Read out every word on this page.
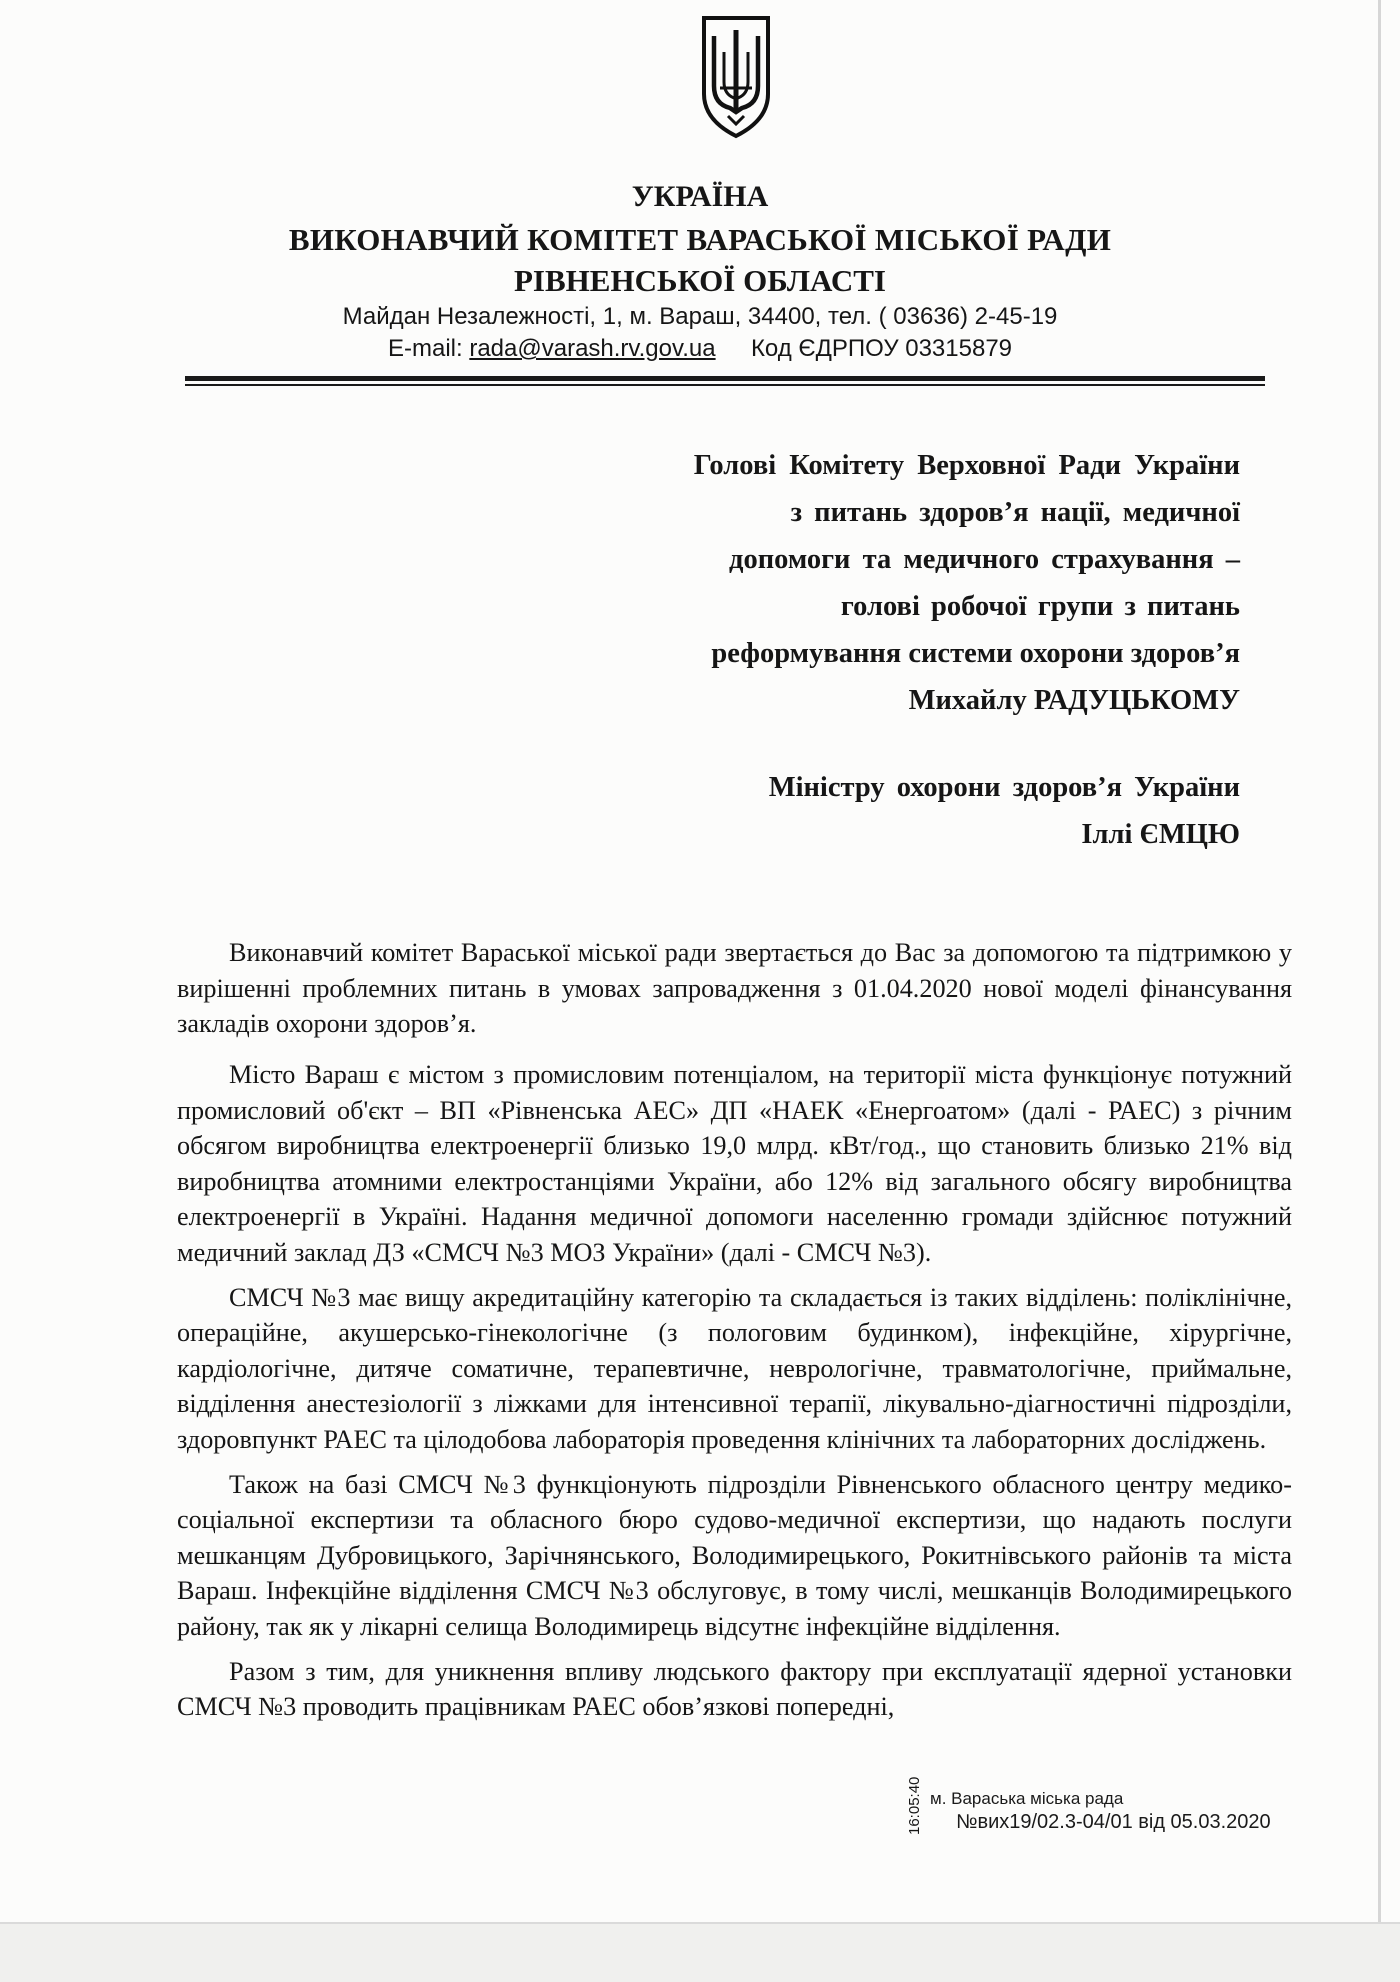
УКРАЇНА
ВИКОНАВЧИЙ КОМІТЕТ ВАРАСЬКОЇ МІСЬКОЇ РАДИ
РІВНЕНСЬКОЇ ОБЛАСТІ
Майдан Незалежності, 1, м. Вараш, 34400, тел. ( 03636) 2-45-19
E-mail: rada@varash.rv.gov.ua Код ЄДРПОУ 03315879
Голові Комітету Верховної Ради України
з питань здоров’я нації, медичної
допомоги та медичного страхування –
голові робочої групи з питань
реформування системи охорони здоров’я
Михайлу РАДУЦЬКОМУ
Міністру охорони здоров’я України
Іллі ЄМЦЮ

Виконавчий комітет Вараської міської ради звертається до Вас за допомогою та підтримкою у вирішенні проблемних питань в умовах запровадження з 01.04.2020 нової моделі фінансування закладів охорони здоров’я.

Місто Вараш є містом з промисловим потенціалом, на території міста функціонує потужний промисловий об'єкт – ВП «Рівненська АЕС» ДП «НАЕК «Енергоатом» (далі - РАЕС) з річним обсягом виробництва електроенергії близько 19,0 млрд. кВт/год., що становить близько 21% від виробництва атомними електростанціями України, або 12% від загального обсягу виробництва електроенергії в Україні. Надання медичної допомоги населенню громади здійснює потужний медичний заклад ДЗ «СМСЧ №3 МОЗ України» (далі - СМСЧ №3).

СМСЧ №3 має вищу акредитаційну категорію та складається із таких відділень: поліклінічне, операційне, акушерсько-гінекологічне (з пологовим будинком), інфекційне, хірургічне, кардіологічне, дитяче соматичне, терапевтичне, неврологічне, травматологічне, приймальне, відділення анестезіології з ліжками для інтенсивної терапії, лікувально-діагностичні підрозділи, здоровпункт РАЕС та цілодобова лабораторія проведення клінічних та лабораторних досліджень.

Також на базі СМСЧ №3 функціонують підрозділи Рівненського обласного центру медико-соціальної експертизи та обласного бюро судово-медичної експертизи, що надають послуги мешканцям Дубровицького, Зарічнянського, Володимирецького, Рокитнівського районів та міста Вараш. Інфекційне відділення СМСЧ №3 обслуговує, в тому числі, мешканців Володимирецького району, так як у лікарні селища Володимирець відсутнє інфекційне відділення.

Разом з тим, для уникнення впливу людського фактору при експлуатації ядерної установки СМСЧ №3 проводить працівникам РАЕС обов’язкові попередні,

м. Вараська міська рада
№вих19/02.3-04/01 від 05.03.2020
16:05:40
